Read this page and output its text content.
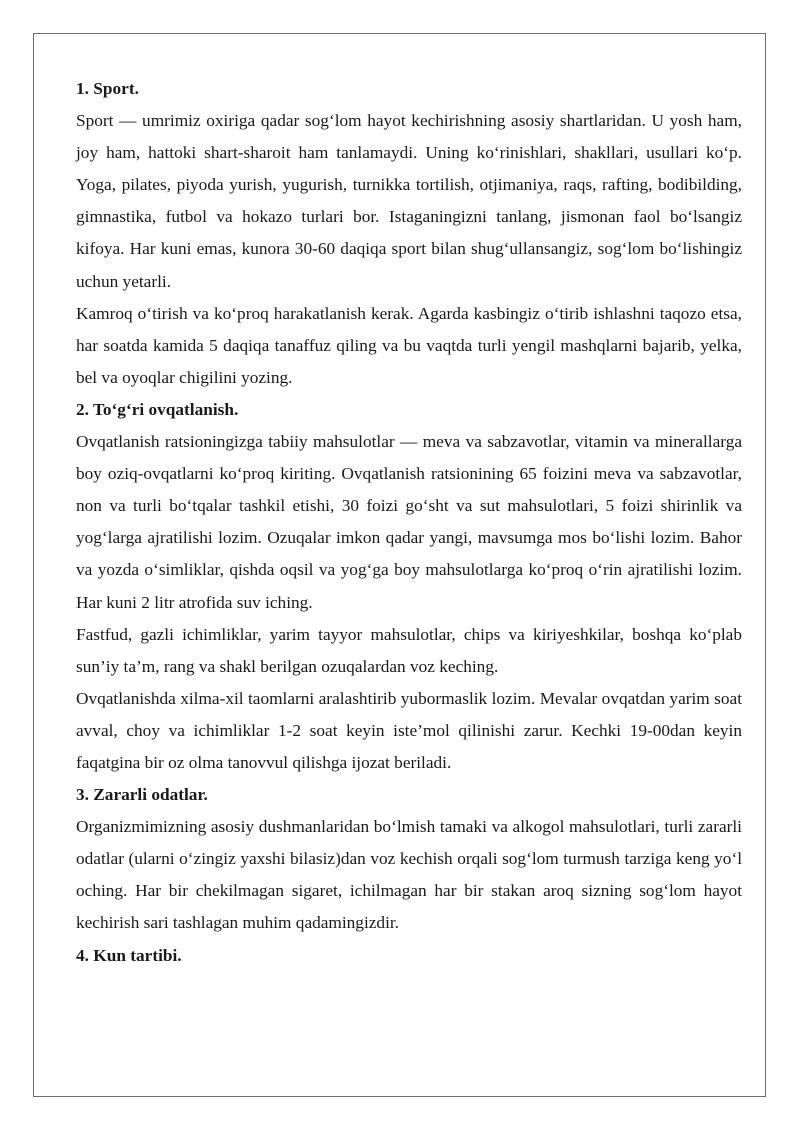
1. Sport.

Sport — umrimiz oxiriga qadar sog‘lom hayot kechirishning asosiy shartlaridan. U yosh ham, joy ham, hattoki shart-sharoit ham tanlamaydi. Uning ko‘rinishlari, shakllari, usullari ko‘p. Yoga, pilates, piyoda yurish, yugurish, turnikka tortilish, otjimaniya, raqs, rafting, bodibilding, gimnastika, futbol va hokazo turlari bor. Istaganingizni tanlang, jismonan faol bo‘lsangiz kifoya. Har kuni emas, kunora 30-60 daqiqa sport bilan shug‘ullansangiz, sog‘lom bo‘lishingiz uchun yetarli.

Kamroq o‘tirish va ko‘proq harakatlanish kerak. Agarda kasbingiz o‘tirib ishlashni taqozo etsa, har soatda kamida 5 daqiqa tanaffuz qiling va bu vaqtda turli yengil mashqlarni bajarib, yelka, bel va oyoqlar chigilini yozing.

2. To‘g‘ri ovqatlanish.

Ovqatlanish ratsioningizga tabiiy mahsulotlar — meva va sabzavotlar, vitamin va minerallarga boy oziq-ovqatlarni ko‘proq kiriting. Ovqatlanish ratsionining 65 foizini meva va sabzavotlar, non va turli bo‘tqalar tashkil etishi, 30 foizi go‘sht va sut mahsulotlari, 5 foizi shirinlik va yog‘larga ajratilishi lozim. Ozuqalar imkon qadar yangi, mavsumga mos bo‘lishi lozim. Bahor va yozda o‘simliklar, qishda oqsil va yog‘ga boy mahsulotlarga ko‘proq o‘rin ajratilishi lozim. Har kuni 2 litr atrofida suv iching.

Fastfud, gazli ichimliklar, yarim tayyor mahsulotlar, chips va kiriyeshkilar, boshqa ko‘plab sun’iy ta’m, rang va shakl berilgan ozuqalardan voz keching.

Ovqatlanishda xilma-xil taomlarni aralashtirib yubormaslik lozim. Mevalar ovqatdan yarim soat avval, choy va ichimliklar 1-2 soat keyin iste’mol qilinishi zarur. Kechki 19-00dan keyin faqatgina bir oz olma tanovvul qilishga ijozat beriladi.

3. Zararli odatlar.

Organizmimizning asosiy dushmanlaridan bo‘lmish tamaki va alkogol mahsulotlari, turli zararli odatlar (ularni o‘zingiz yaxshi bilasiz)dan voz kechish orqali sog‘lom turmush tarziga keng yo‘l oching. Har bir chekilmagan sigaret, ichilmagan har bir stakan aroq sizning sog‘lom hayot kechirish sari tashlagan muhim qadamingizdir.

4. Kun tartibi.
